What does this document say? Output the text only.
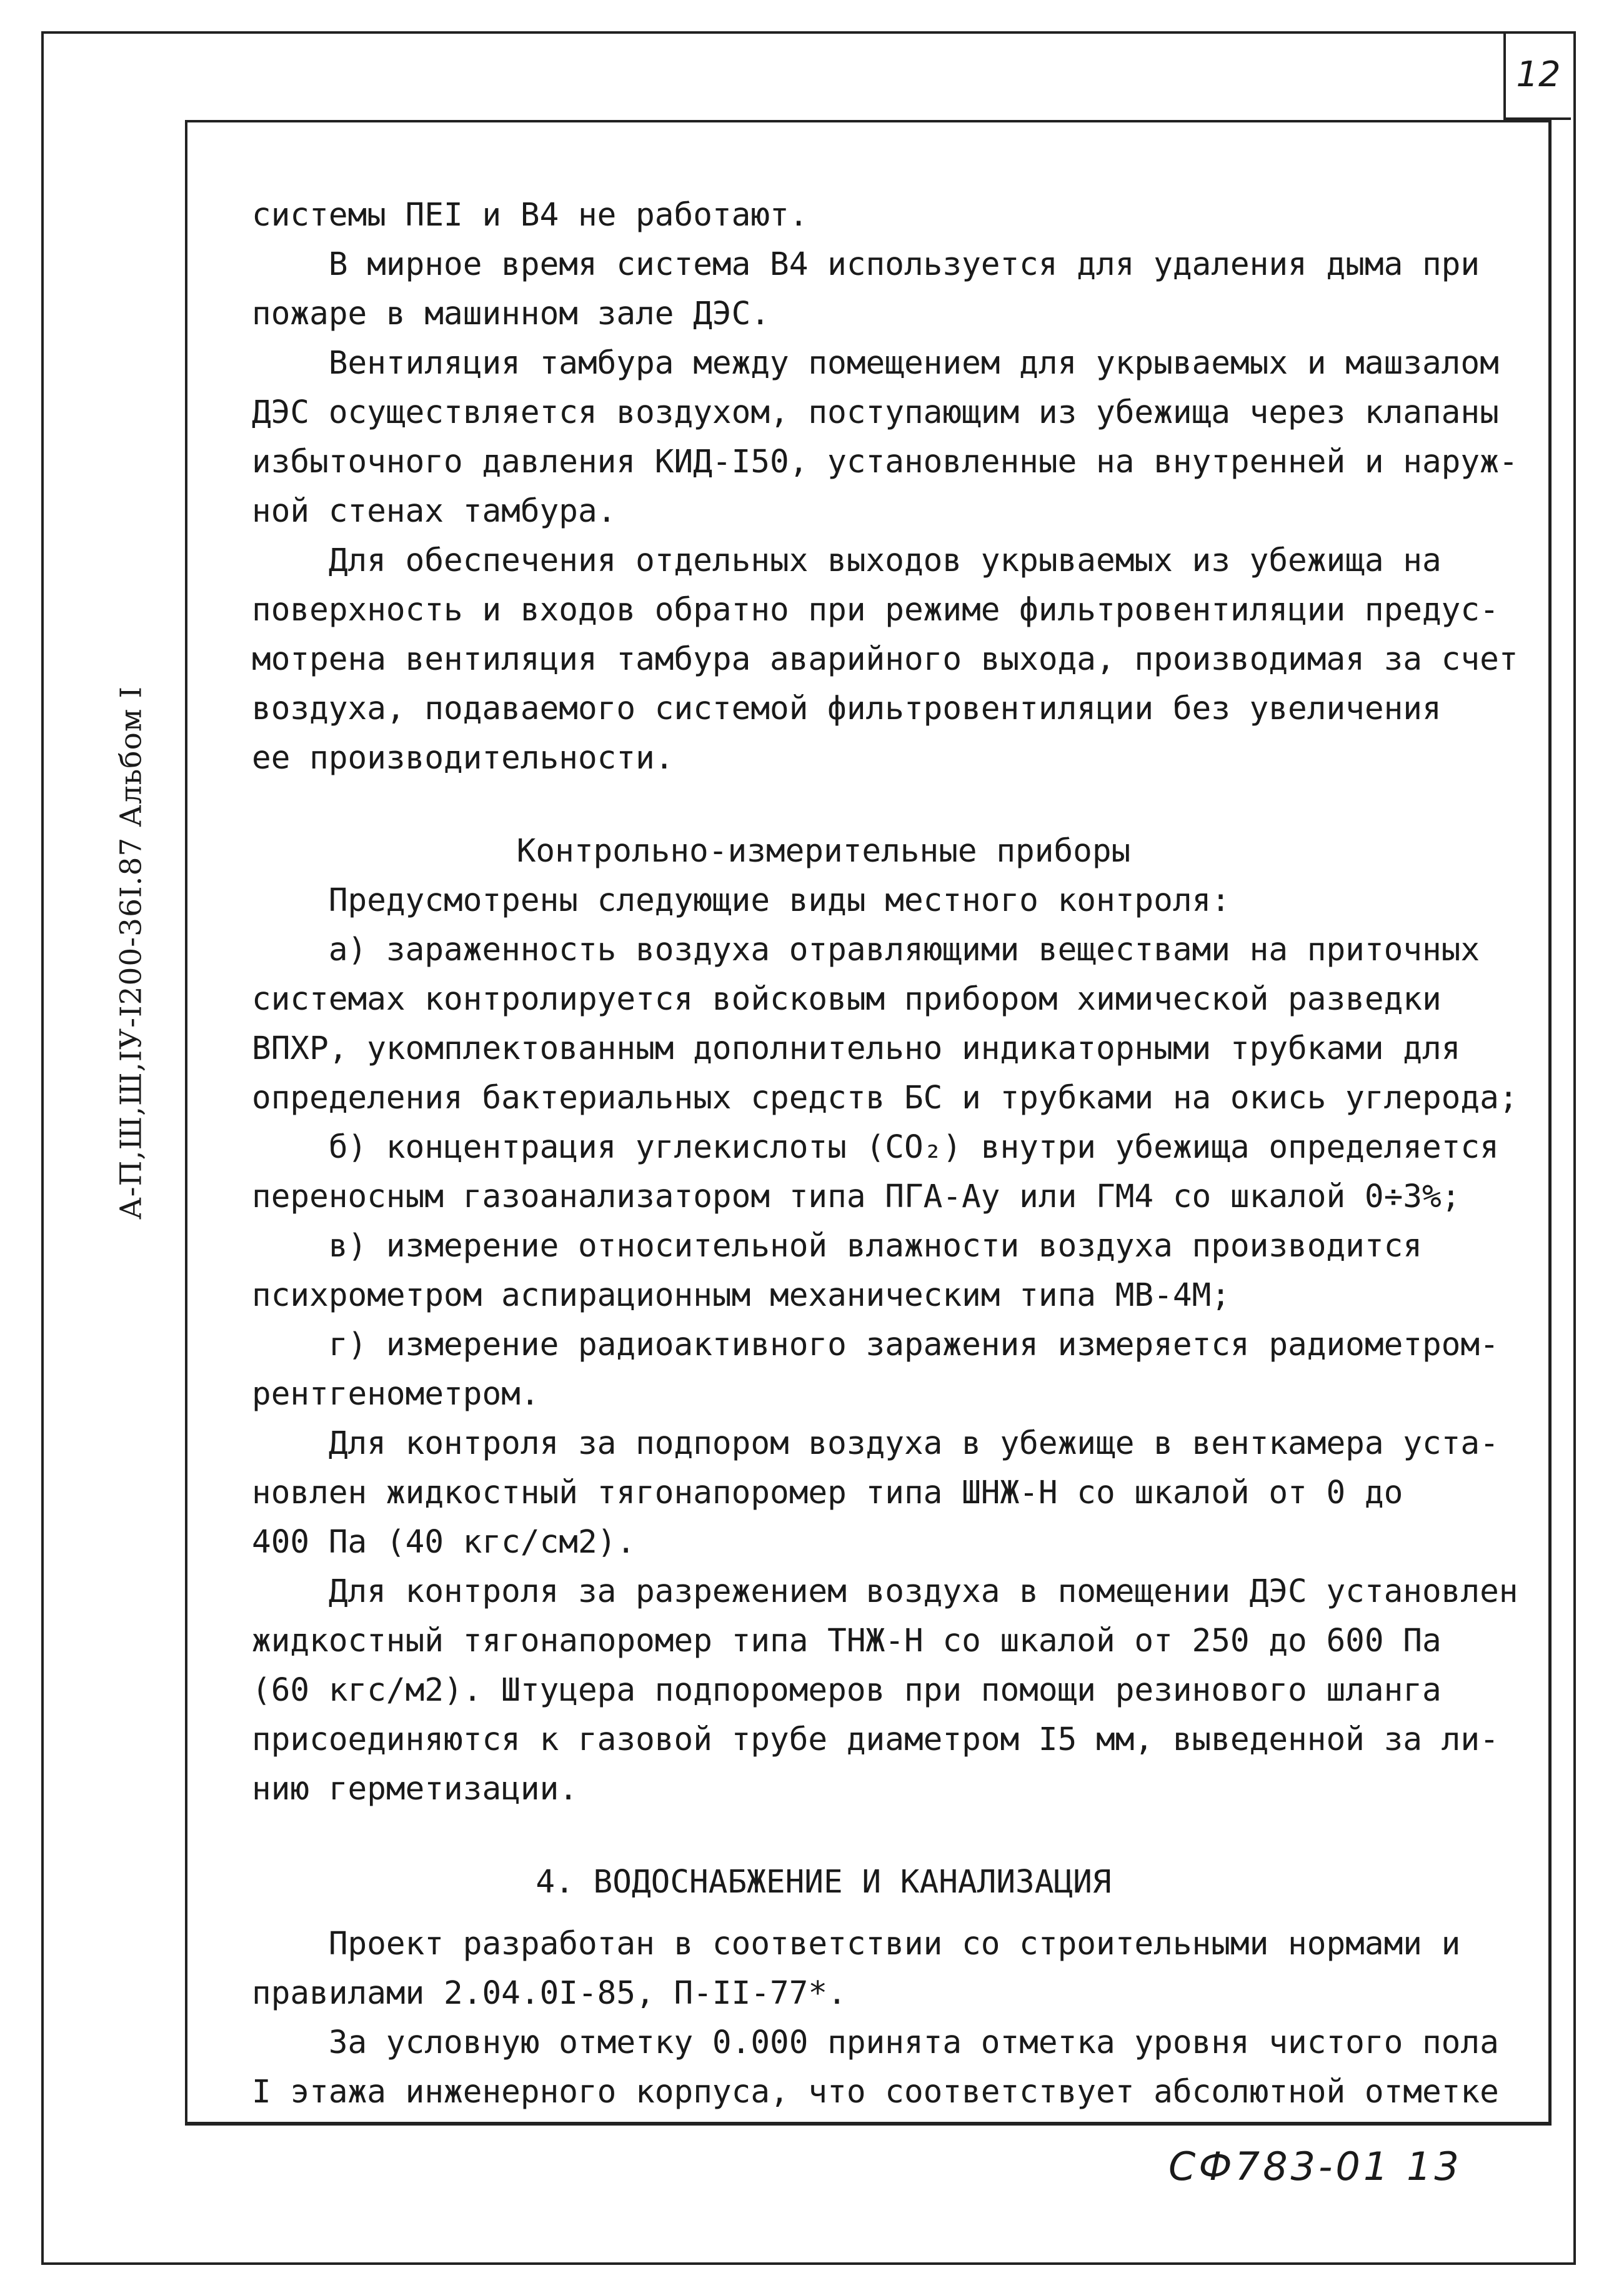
12
А-П,Ш,Ш,IУ-I200-36I.87 Альбом I
системы ПЕI и В4 не работают.
В мирное время система В4 используется для удаления дыма при
пожаре в машинном зале ДЭС.
Вентиляция тамбура между помещением для укрываемых и машзалом
ДЭС осуществляется воздухом, поступающим из убежища через клапаны
избыточного давления КИД-I50, установленные на внутренней и наруж-
ной стенах тамбура.
Для обеспечения отдельных выходов укрываемых из убежища на
поверхность и входов обратно при режиме фильтровентиляции предус-
мотрена вентиляция тамбура аварийного выхода, производимая за счет
воздуха, подаваемого системой фильтровентиляции без увеличения
ее производительности.
Контрольно-измерительные приборы
Предусмотрены следующие виды местного контроля:
а) зараженность воздуха отравляющими веществами на приточных
системах контролируется войсковым прибором химической разведки
ВПХР, укомплектованным дополнительно индикаторными трубками для
определения бактериальных средств БС и трубками на окись углерода;
б) концентрация углекислоты (СО₂) внутри убежища определяется
переносным газоанализатором типа ПГА-Ау или ГМ4 со шкалой 0÷3%;
в) измерение относительной влажности воздуха производится
психрометром аспирационным механическим типа МВ-4М;
г) измерение радиоактивного заражения измеряется радиометром-
рентгенометром.
Для контроля за подпором воздуха в убежище в венткамера уста-
новлен жидкостный тягонапоромер типа ШНЖ-Н со шкалой от 0 до
400 Па (40 кгс/см2).
Для контроля за разрежением воздуха в помещении ДЭС установлен
жидкостный тягонапоромер типа ТНЖ-Н со шкалой от 250 до 600 Па
(60 кгс/м2). Штуцера подпоромеров при помощи резинового шланга
присоединяются к газовой трубе диаметром I5 мм, выведенной за ли-
нию герметизации.
4. ВОДОСНАБЖЕНИЕ И КАНАЛИЗАЦИЯ
Проект разработан в соответствии со строительными нормами и
правилами 2.04.0I-85, П-II-77*.
За условную отметку 0.000 принята отметка уровня чистого пола
I этажа инженерного корпуса, что соответствует абсолютной отметке
СФ783-01 13
